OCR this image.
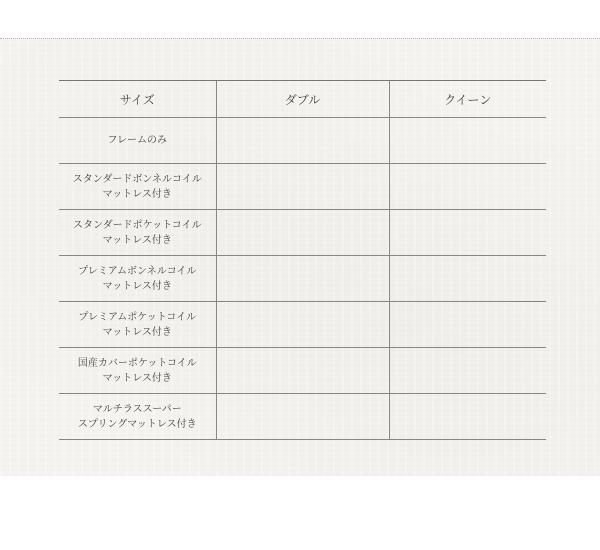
サイズ	ダブル	クイーン

フレームのみ		

スタンダードボンネルコイル
マットレス付き		

スタンダードポケットコイル
マットレス付き		

プレミアムボンネルコイル
マットレス付き		

プレミアムポケットコイル
マットレス付き		

国産カバーポケットコイル
マットレス付き		

マルチラススーパー
スプリングマットレス付き		
